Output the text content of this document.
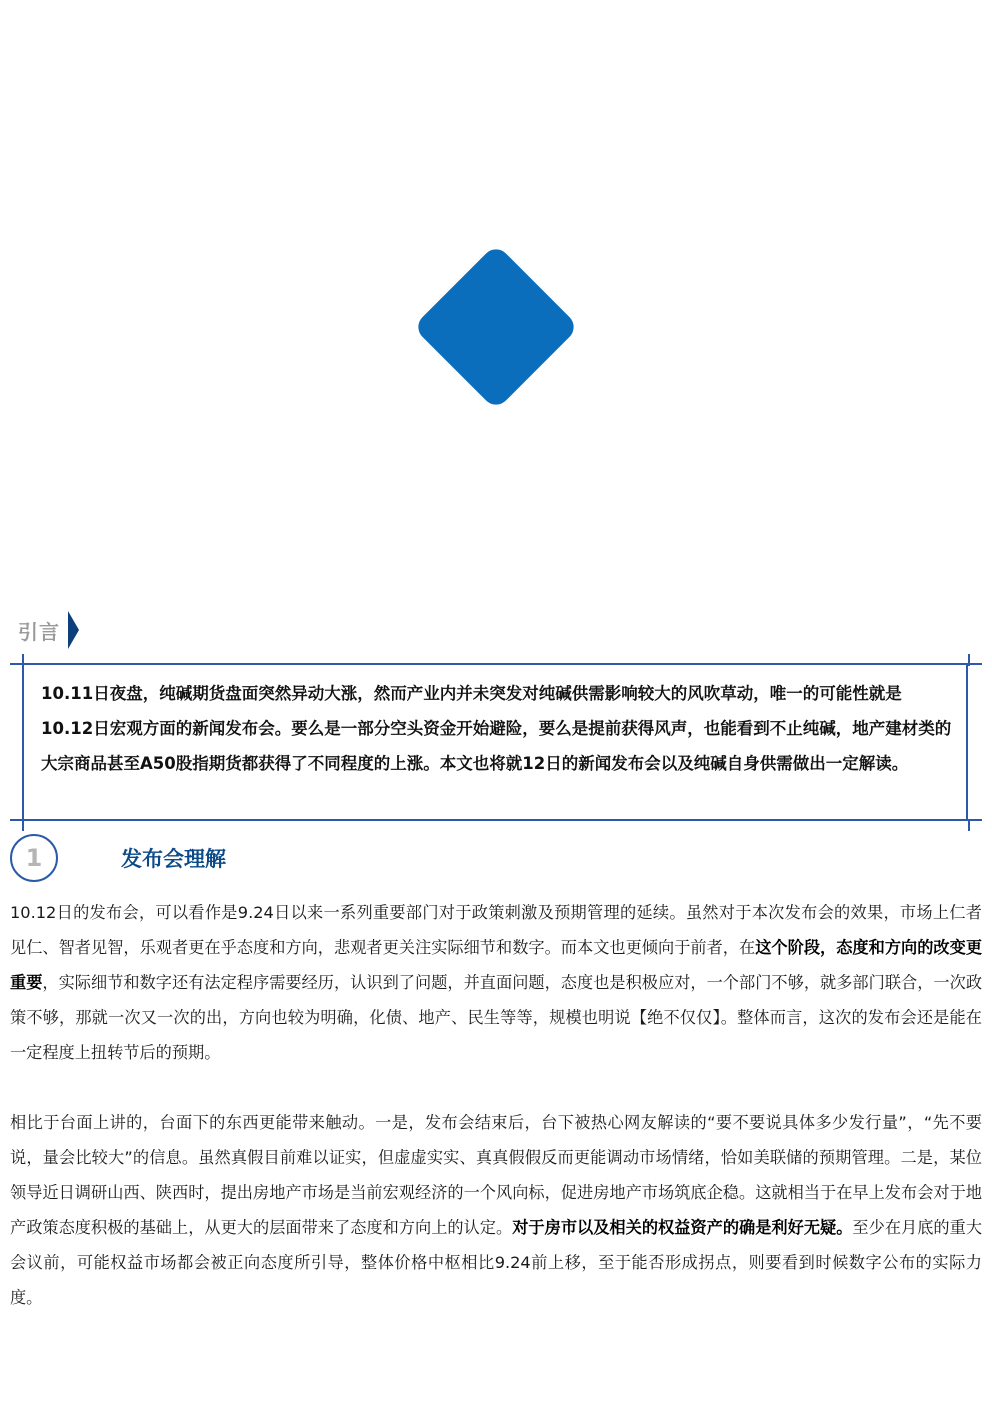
引言
10.11日夜盘，纯碱期货盘面突然异动大涨，然而产业内并未突发对纯碱供需影响较大的风吹草动，唯一的可能性就是10.12日宏观方面的新闻发布会。要么是一部分空头资金开始避险，要么是提前获得风声，也能看到不止纯碱，地产建材类的大宗商品甚至A50股指期货都获得了不同程度的上涨。本文也将就12日的新闻发布会以及纯碱自身供需做出一定解读。
1	发布会理解
10.12日的发布会，可以看作是9.24日以来一系列重要部门对于政策刺激及预期管理的延续。虽然对于本次发布会的效果，市场上仁者见仁、智者见智，乐观者更在乎态度和方向，悲观者更关注实际细节和数字。而本文也更倾向于前者，在这个阶段，态度和方向的改变更重要，实际细节和数字还有法定程序需要经历，认识到了问题，并直面问题，态度也是积极应对，一个部门不够，就多部门联合，一次政策不够，那就一次又一次的出，方向也较为明确，化债、地产、民生等等，规模也明说【绝不仅仅】。整体而言，这次的发布会还是能在一定程度上扭转节后的预期。
相比于台面上讲的，台面下的东西更能带来触动。一是，发布会结束后，台下被热心网友解读的“要不要说具体多少发行量”，“先不要说，量会比较大”的信息。虽然真假目前难以证实，但虚虚实实、真真假假反而更能调动市场情绪，恰如美联储的预期管理。二是，某位领导近日调研山西、陕西时，提出房地产市场是当前宏观经济的一个风向标，促进房地产市场筑底企稳。这就相当于在早上发布会对于地产政策态度积极的基础上，从更大的层面带来了态度和方向上的认定。对于房市以及相关的权益资产的确是利好无疑。至少在月底的重大会议前，可能权益市场都会被正向态度所引导，整体价格中枢相比9.24前上移，至于能否形成拐点，则要看到时候数字公布的实际力度。
